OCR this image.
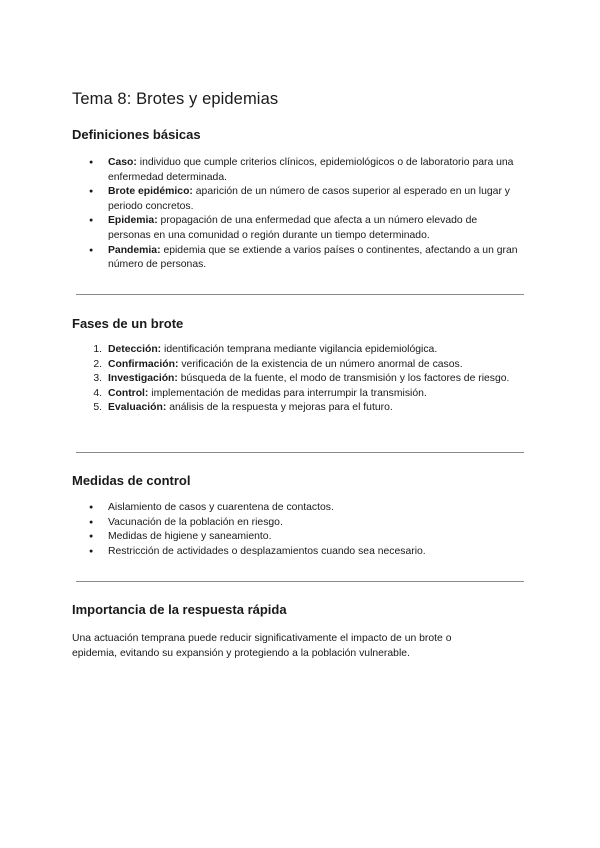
Tema 8: Brotes y epidemias
Definiciones básicas
● Caso: individuo que cumple criterios clínicos, epidemiológicos o de laboratorio para una enfermedad determinada.
● Brote epidémico: aparición de un número de casos superior al esperado en un lugar y periodo concretos.
● Epidemia: propagación de una enfermedad que afecta a un número elevado de personas en una comunidad o región durante un tiempo determinado.
● Pandemia: epidemia que se extiende a varios países o continentes, afectando a un gran número de personas.
Fases de un brote
1. Detección: identificación temprana mediante vigilancia epidemiológica.
2. Confirmación: verificación de la existencia de un número anormal de casos.
3. Investigación: búsqueda de la fuente, el modo de transmisión y los factores de riesgo.
4. Control: implementación de medidas para interrumpir la transmisión.
5. Evaluación: análisis de la respuesta y mejoras para el futuro.
Medidas de control
● Aislamiento de casos y cuarentena de contactos.
● Vacunación de la población en riesgo.
● Medidas de higiene y saneamiento.
● Restricción de actividades o desplazamientos cuando sea necesario.
Importancia de la respuesta rápida

Una actuación temprana puede reducir significativamente el impacto de un brote o epidemia, evitando su expansión y protegiendo a la población vulnerable.
